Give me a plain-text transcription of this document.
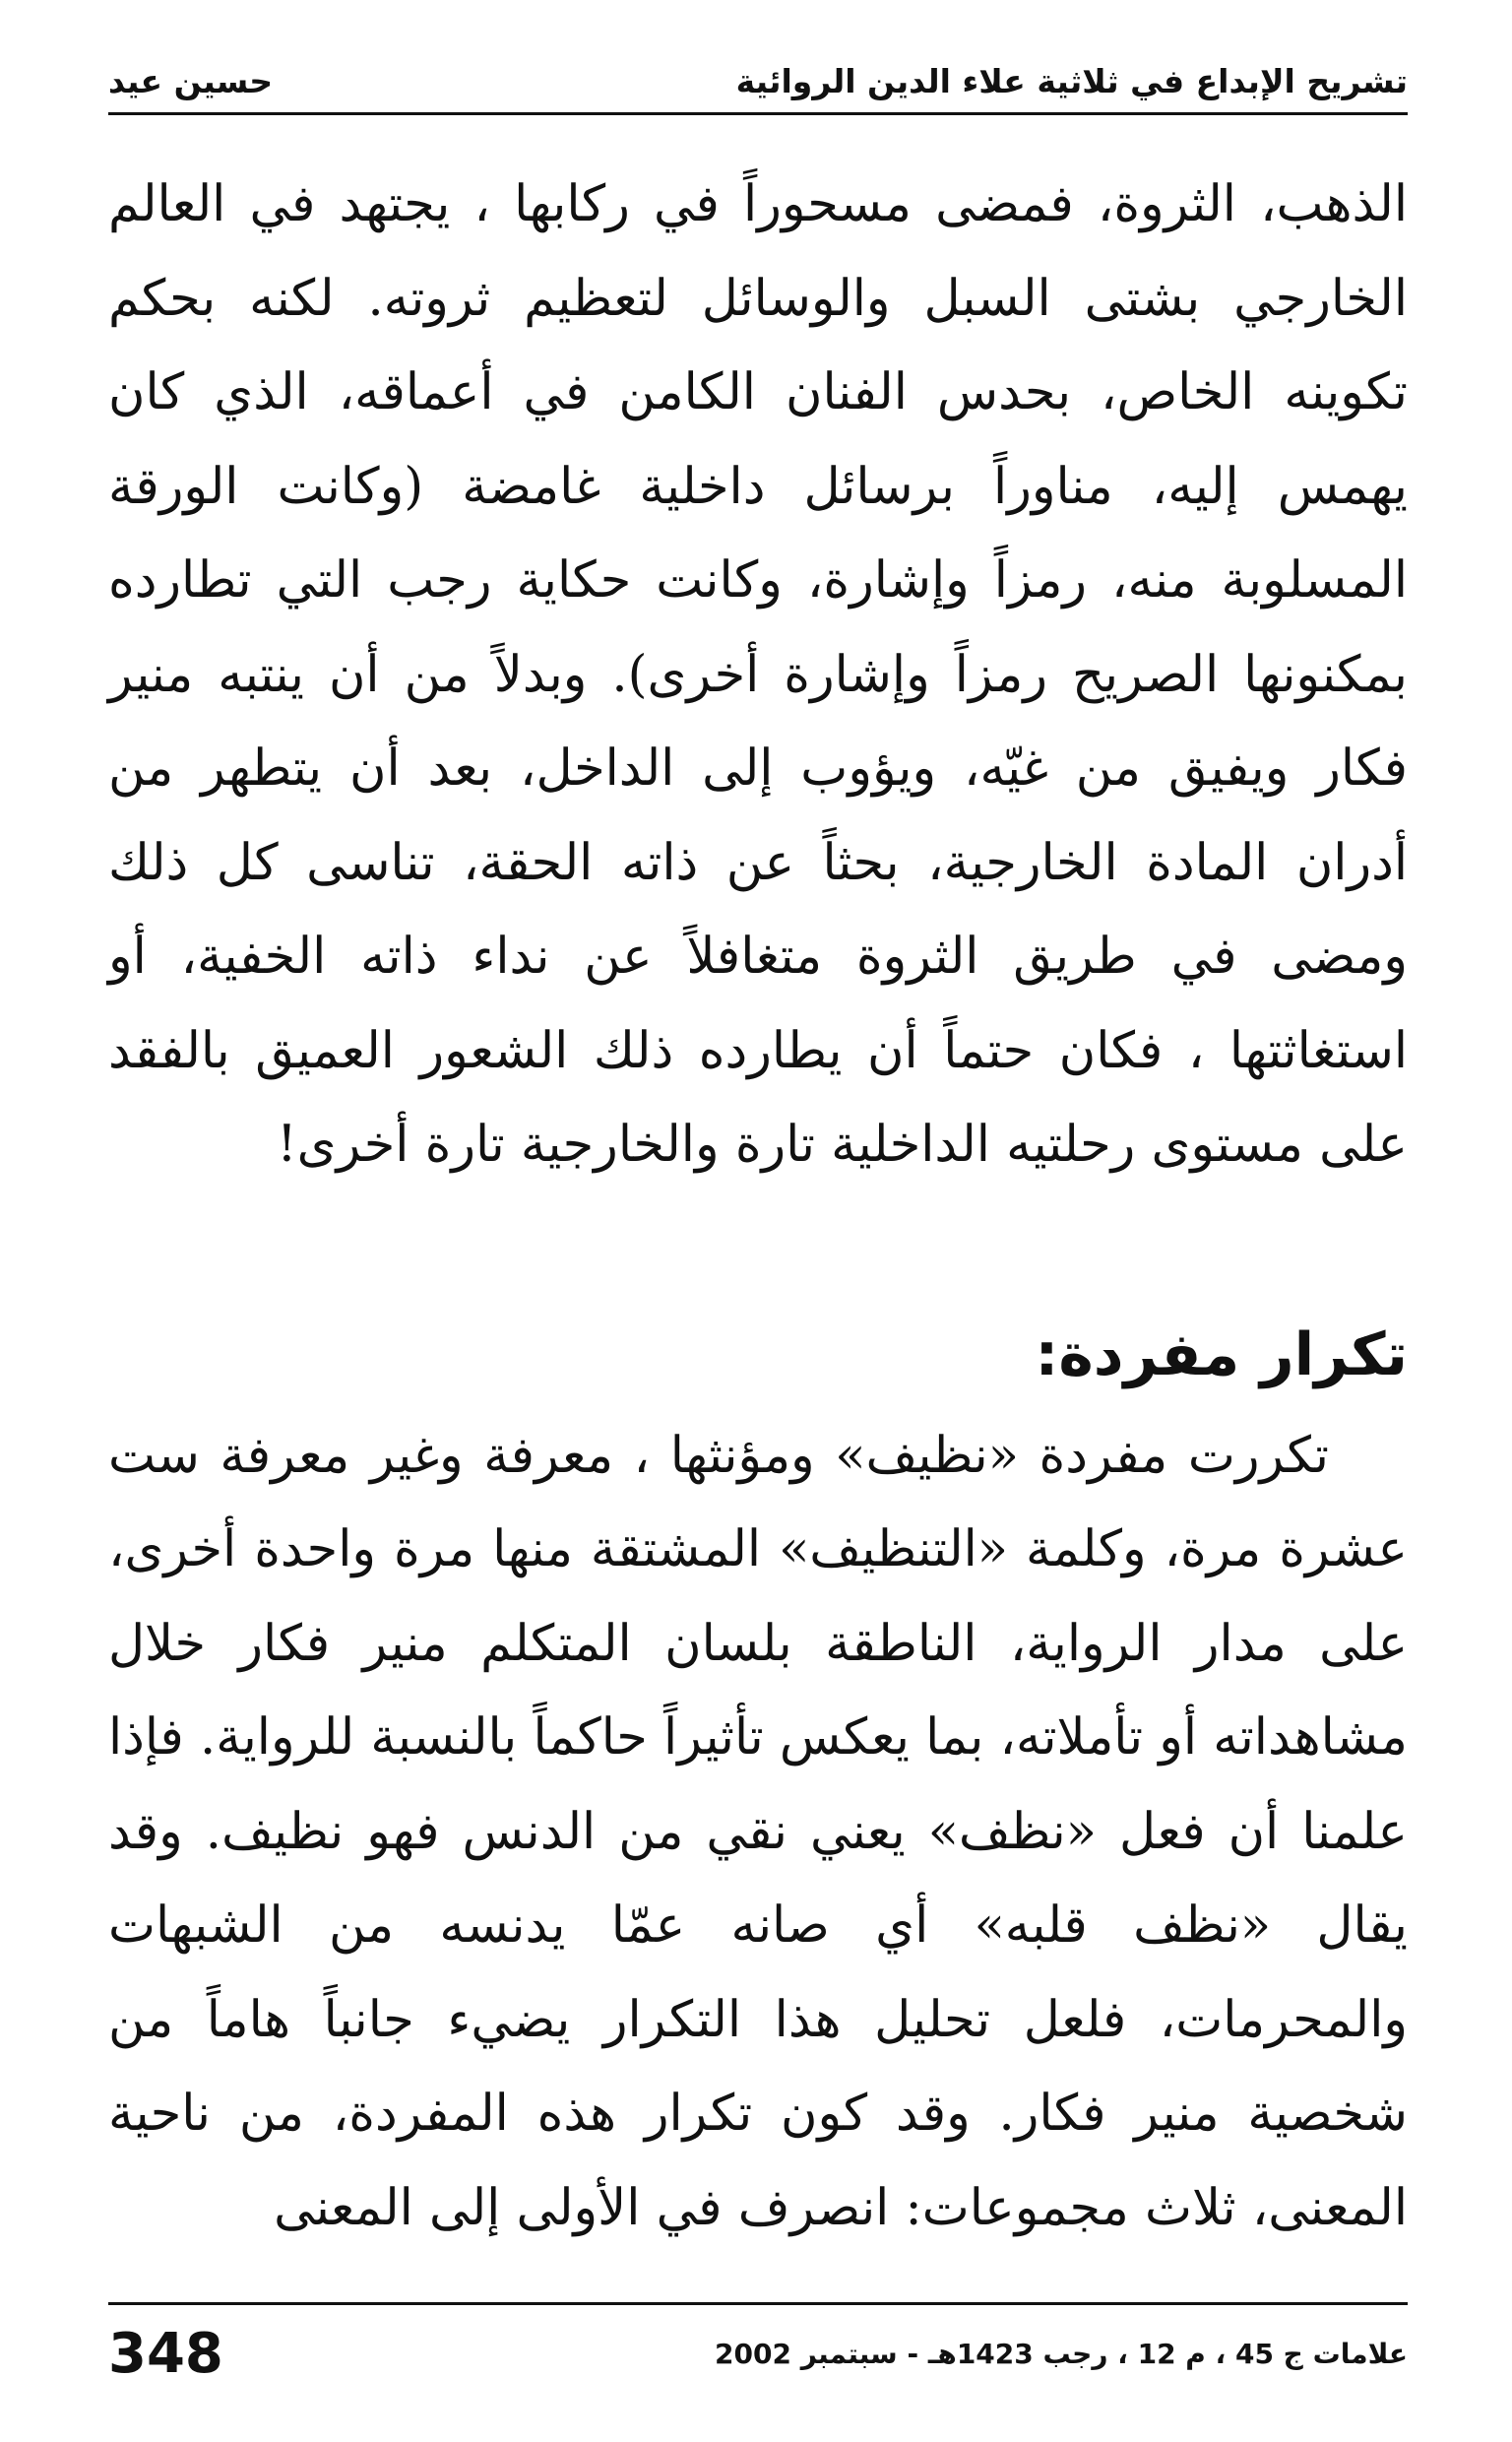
تشريح الإبداع في ثلاثية علاء الدين الروائية
حسين عيد

الذهب، الثروة، فمضى مسحوراً في ركابها ، يجتهد في العالم الخارجي بشتى السبل والوسائل لتعظيم ثروته. لكنه بحكم تكوينه الخاص، بحدس الفنان الكامن في أعماقه، الذي كان يهمس إليه، مناوراً برسائل داخلية غامضة (وكانت الورقة المسلوبة منه، رمزاً وإشارة، وكانت حكاية رجب التي تطارده بمكنونها الصريح رمزاً وإشارة أخرى). وبدلاً من أن ينتبه منير فكار ويفيق من غيّه، ويؤوب إلى الداخل، بعد أن يتطهر من أدران المادة الخارجية، بحثاً عن ذاته الحقة، تناسى كل ذلك ومضى في طريق الثروة متغافلاً عن نداء ذاته الخفية، أو استغاثتها ، فكان حتماً أن يطارده ذلك الشعور العميق بالفقد على مستوى رحلتيه الداخلية تارة والخارجية تارة أخرى!

تكرار مفردة:

تكررت مفردة «نظيف» ومؤنثها ، معرفة وغير معرفة ست عشرة مرة، وكلمة «التنظيف» المشتقة منها مرة واحدة أخرى، على مدار الرواية، الناطقة بلسان المتكلم منير فكار خلال مشاهداته أو تأملاته، بما يعكس تأثيراً حاكماً بالنسبة للرواية. فإذا علمنا أن فعل «نظف» يعني نقي من الدنس فهو نظيف. وقد يقال «نظف قلبه» أي صانه عمّا يدنسه من الشبهات والمحرمات، فلعل تحليل هذا التكرار يضيء جانباً هاماً من شخصية منير فكار. وقد كون تكرار هذه المفردة، من ناحية المعنى، ثلاث مجموعات: انصرف في الأولى إلى المعنى

علامات ج 45 ، م 12 ، رجب 1423هـ - سبتمبر 2002
348
